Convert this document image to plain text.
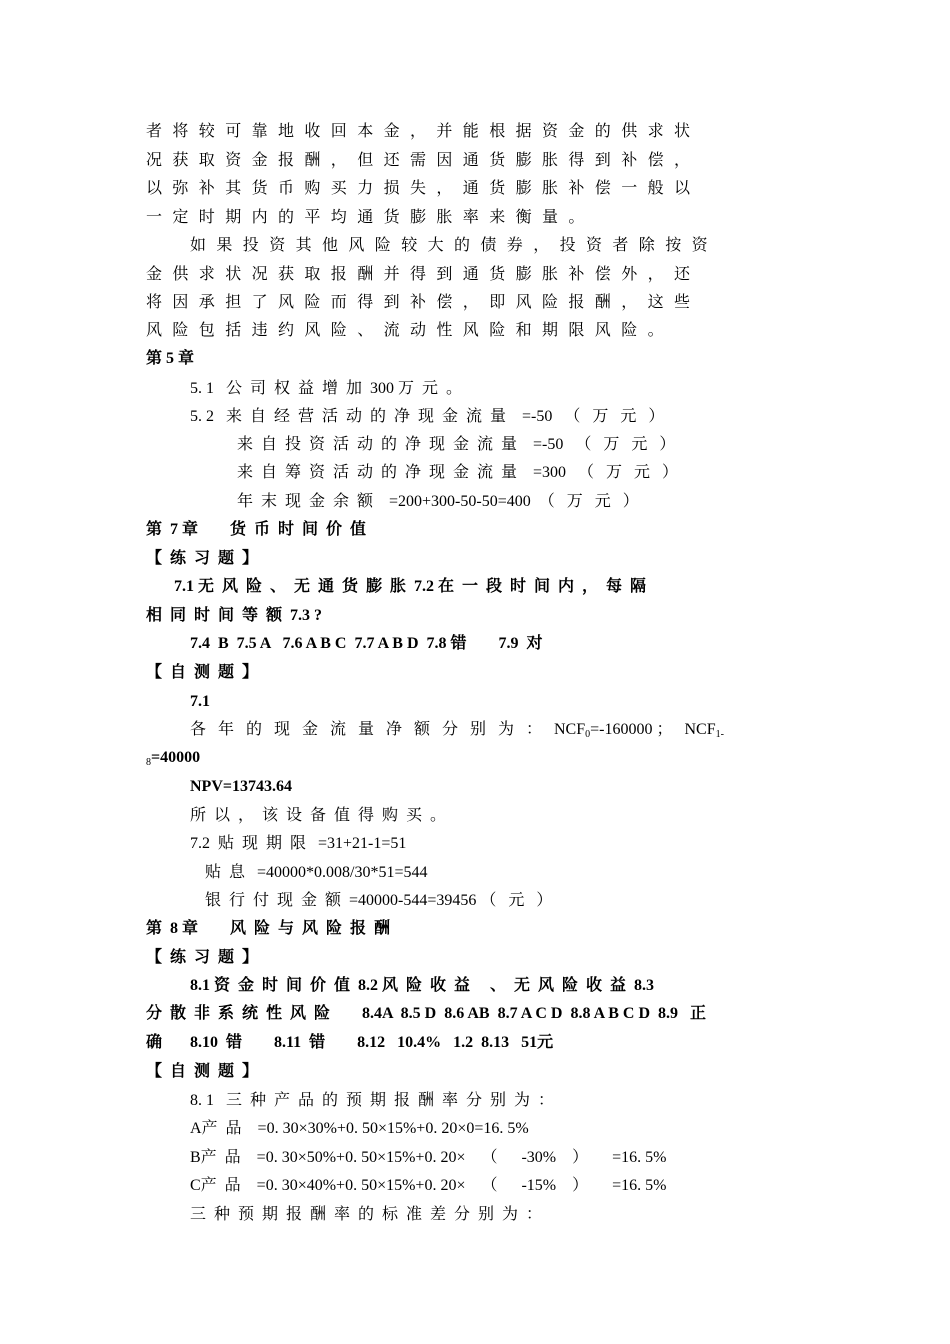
者 将 较 可 靠 地 收 回 本 金 ， 并 能 根 据 资 金 的 供 求 状
况 获 取 资 金 报 酬 ， 但 还 需 因 通 货 膨 胀 得 到 补 偿 ，
以 弥 补 其 货 币 购 买 力 损 失 ， 通 货 膨 胀 补 偿 一 般 以
一 定 时 期 内 的 平 均 通 货 膨 胀 率 来 衡 量 。
如 果 投 资 其 他 风 险 较 大 的 债 券 ， 投 资 者 除 按 资
金 供 求 状 况 获 取 报 酬 并 得 到 通 货 膨 胀 补 偿 外 ， 还
将 因 承 担 了 风 险 而 得 到 补 偿 ， 即 风 险 报 酬 ， 这 些
风 险 包 括 违 约 风 险 、 流 动 性 风 险 和 期 限 风 险 。
第 5 章
5. 1   公  司  权  益  增  加  300 万  元  。
5. 2   来  自  经  营  活  动  的  净  现  金  流  量    =-50   （   万   元   ）
来  自  投  资  活  动  的  净  现  金  流  量    =-50   （   万   元   ）
来  自  筹  资  活  动  的  净  现  金  流  量    =300   （   万   元   ）
年  末  现  金  余  额    =200+300-50-50=400  （   万   元   ）
第  7 章        货  币  时  间  价  值
【  练  习  题  】
7.1 无  风  险  、  无  通  货  膨  胀  7.2 在  一  段  时  间  内  ，  每  隔
相  同  时  间  等  额  7.3 ?
7.4  B  7.5 A   7.6 A B C  7.7 A B D  7.8 错        7.9  对
【  自  测  题  】
7.1
各   年   的   现   金   流   量   净   额   分   别   为   ：   $NCF_0=-160000$ ；   $NCF_{1-}$
$_8$=40000
NPV=13743.64
所  以  ，  该  设  备  值  得  购  买  。
7.2  贴  现  期  限   =31+21-1=51
贴  息   =40000*0.008/30*51=544
银  行  付  现  金  额  =40000-544=39456 （   元   ）
第  8 章        风  险  与  风  险  报  酬
【  练  习  题  】
8.1 资  金  时  间  价  值  8.2 风  险  收  益     、  无  风  险  收  益  8.3
分  散  非  系  统  性  风  险        8.4A  8.5 D  8.6 AB  8.7 A C D  8.8 A B C D  8.9   正
确       8.10  错        8.11  错        8.12   10.4%   1.2  8.13   51元
【  自  测  题  】
8. 1   三  种  产  品  的  预  期  报  酬  率  分  别  为  ：
A产  品    =0. 30×30%+0. 50×15%+0. 20×0=16. 5%
B产  品    =0. 30×50%+0. 50×15%+0. 20×    （      -30%    ）      =16. 5%
C产  品    =0. 30×40%+0. 50×15%+0. 20×    （      -15%    ）      =16. 5%
三  种  预  期  报  酬  率  的  标  准  差  分  别  为  ：
